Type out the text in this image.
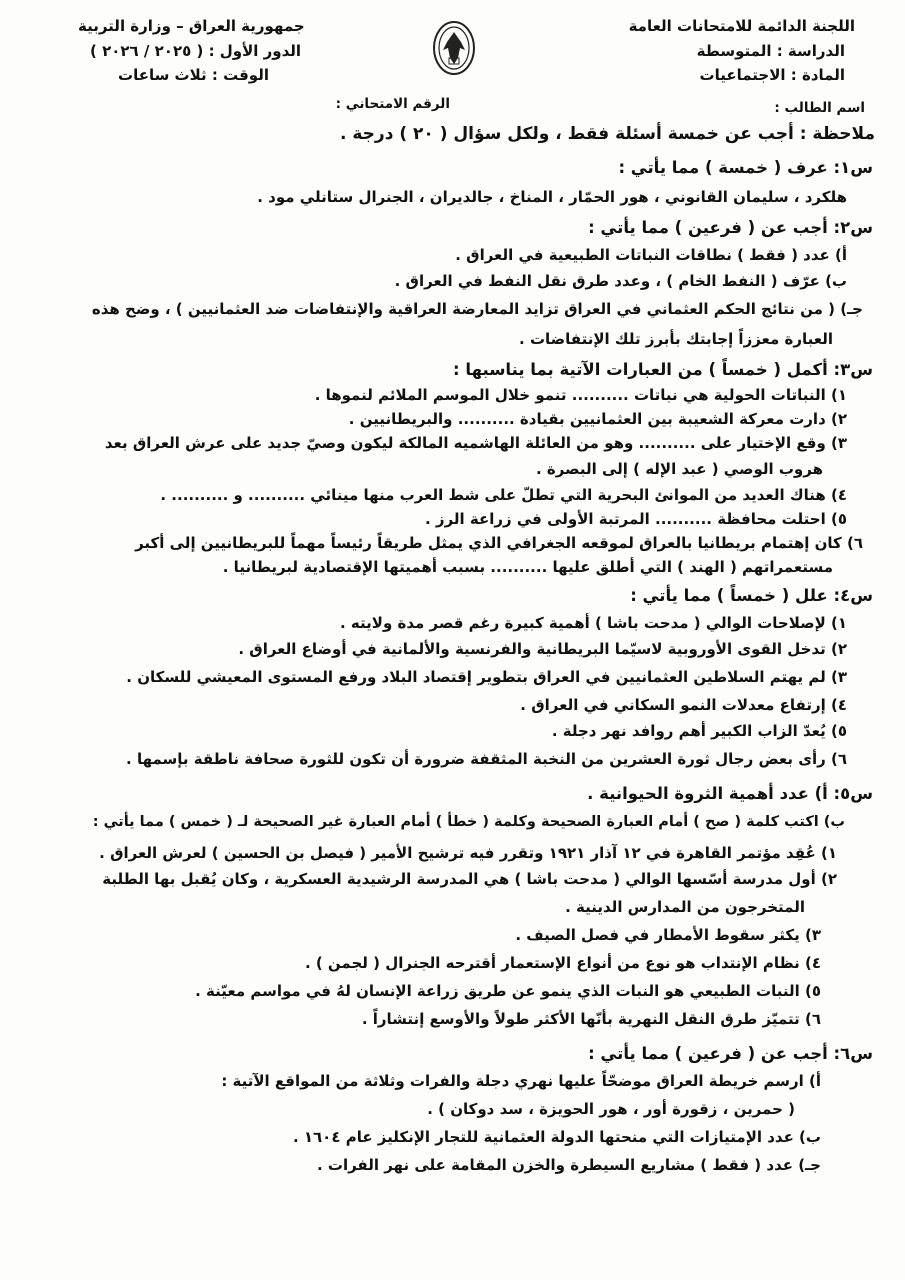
اللجنة الدائمة للامتحانات العامة
الدراسة : المتوسطة
المادة : الاجتماعيات
جمهورية العراق – وزارة التربية
الدور الأول : ( ٢٠٢٥ / ٢٠٢٦ )
الوقت : ثلاث ساعات
اسم الطالب :
الرقم الامتحاني :
ملاحظة : أجب عن خمسة أسئلة فقط ، ولكل سؤال ( ٢٠ ) درجة .
س١: عرف ( خمسة ) مما يأتي :
هلكرد ، سليمان القانوني ، هور الحمّار ، المناخ ، جالديران ، الجنرال ستانلي مود .
س٢: أجب عن ( فرعين ) مما يأتي :
أ) عدد ( فقط ) نطاقات النباتات الطبيعية في العراق .
ب) عرّف ( النفط الخام ) ، وعدد طرق نقل النفط في العراق .
جـ) ( من نتائج الحكم العثماني في العراق تزايد المعارضة العراقية والإنتفاضات ضد العثمانيين ) ، وضح هذه
العبارة معززاً إجابتك بأبرز تلك الإنتفاضات .
س٣: أكمل ( خمساً ) من العبارات الآتية بما يناسبها :
١) النباتات الحولية هي نباتات .......... تنمو خلال الموسم الملائم لنموها .
٢) دارت معركة الشعيبة بين العثمانيين بقيادة .......... والبريطانيين .
٣) وقع الإختيار على .......... وهو من العائلة الهاشميه المالكة ليكون وصيّ جديد على عرش العراق بعد
هروب الوصي ( عبد الإله ) إلى البصرة .
٤) هناك العديد من الموانئ البحرية التي تطلّ على شط العرب منها مينائي .......... و .......... .
٥) احتلت محافظة .......... المرتبة الأولى في زراعة الرز .
٦) كان إهتمام بريطانيا بالعراق لموقعه الجغرافي الذي يمثل طريقاً رئيساً مهماً للبريطانيين إلى أكبر
مستعمراتهم ( الهند ) التي أطلق عليها .......... بسبب أهميتها الإقتصادية لبريطانيا .
س٤: علل ( خمساً ) مما يأتي :
١) لإصلاحات الوالي ( مدحت باشا ) أهمية كبيرة رغم قصر مدة ولايته .
٢) تدخل القوى الأوروبية لاسيّما البريطانية والفرنسية والألمانية في أوضاع العراق .
٣) لم يهتم السلاطين العثمانيين في العراق بتطوير إقتصاد البلاد ورفع المستوى المعيشي للسكان .
٤) إرتفاع معدلات النمو السكاني في العراق .
٥) يُعدّ الزاب الكبير أهم روافد نهر دجلة .
٦) رأى بعض رجال ثورة العشرين من النخبة المثقفة ضرورة أن تكون للثورة صحافة ناطقة بإسمها .
س٥: أ) عدد أهمية الثروة الحيوانية .
ب) اكتب كلمة ( صح ) أمام العبارة الصحيحة وكلمة ( خطأ ) أمام العبارة غير الصحيحة لـ ( خمس ) مما يأتي :
١) عُقِد مؤتمر القاهرة في ١٢ آذار ١٩٢١ وتقرر فيه ترشيح الأمير ( فيصل بن الحسين ) لعرش العراق .
٢) أول مدرسة أسّسها الوالي ( مدحت باشا ) هي المدرسة الرشيدية العسكرية ، وكان يُقبل بها الطلبة
المتخرجون من المدارس الدينية .
٣) يكثر سقوط الأمطار في فصل الصيف .
٤) نظام الإنتداب هو نوع من أنواع الإستعمار أقترحه الجنرال ( لجمن ) .
٥) النبات الطبيعي هو النبات الذي ينمو عن طريق زراعة الإنسان لهُ في مواسم معيّنة .
٦) تتميّز طرق النقل النهرية بأنّها الأكثر طولاً والأوسع إنتشاراً .
س٦: أجب عن ( فرعين ) مما يأتي :
أ) ارسم خريطة العراق موضحّاً عليها نهري دجلة والفرات وثلاثة من المواقع الآتية :
( حمرين ، زقورة أور ، هور الحويزة ، سد دوكان ) .
ب) عدد الإمتيازات التي منحتها الدولة العثمانية للتجار الإنكليز عام ١٦٠٤ .
جـ) عدد ( فقط ) مشاريع السيطرة والخزن المقامة على نهر الفرات .
